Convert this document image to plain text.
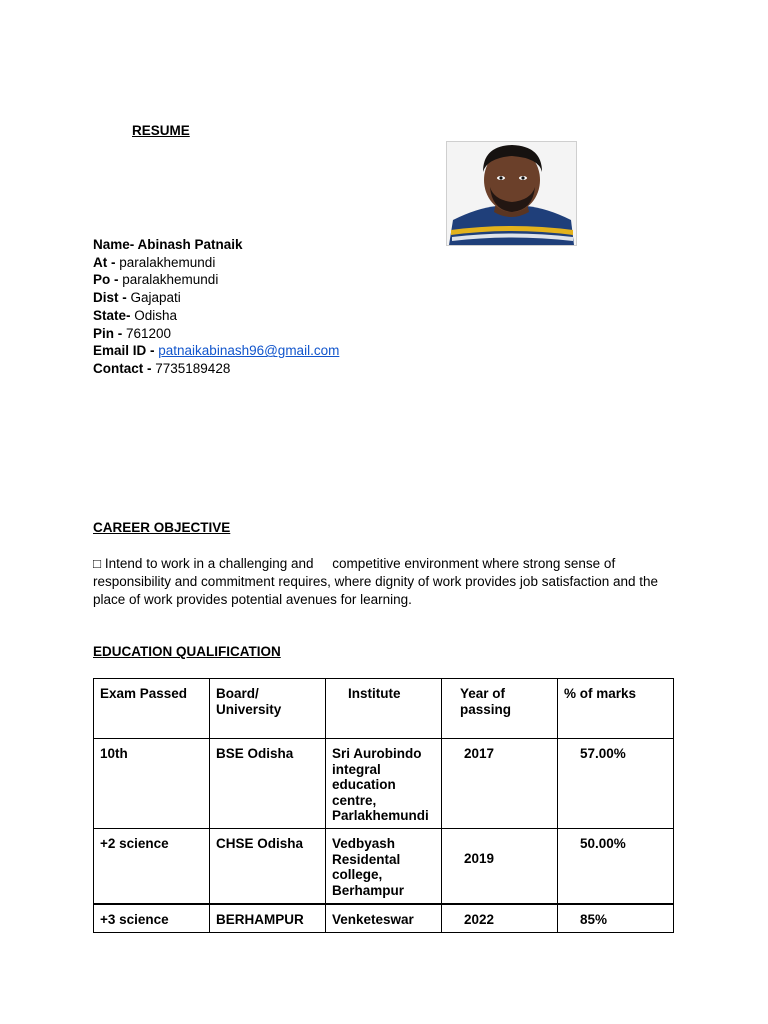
RESUME
Name- Abinash Patnaik
At - paralakhemundi
Po - paralakhemundi
Dist - Gajapati
State- Odisha
Pin - 761200
Email ID - patnaikabinash96@gmail.com
Contact - 7735189428
CAREER OBJECTIVE
□ Intend to work in a challenging and     competitive environment where strong sense of responsibility and commitment requires, where dignity of work provides job satisfaction and the place of work provides potential avenues for learning.
EDUCATION QUALIFICATION
Exam Passed	Board/ University	Institute	Year of passing	% of marks
10th	BSE Odisha	Sri Aurobindo integral education centre, Parlakhemundi	2017	57.00%
+2 science	CHSE Odisha	Vedbyash Residental college, Berhampur	2019	50.00%
+3 science	BERHAMPUR	Venketeswar	2022	85%
